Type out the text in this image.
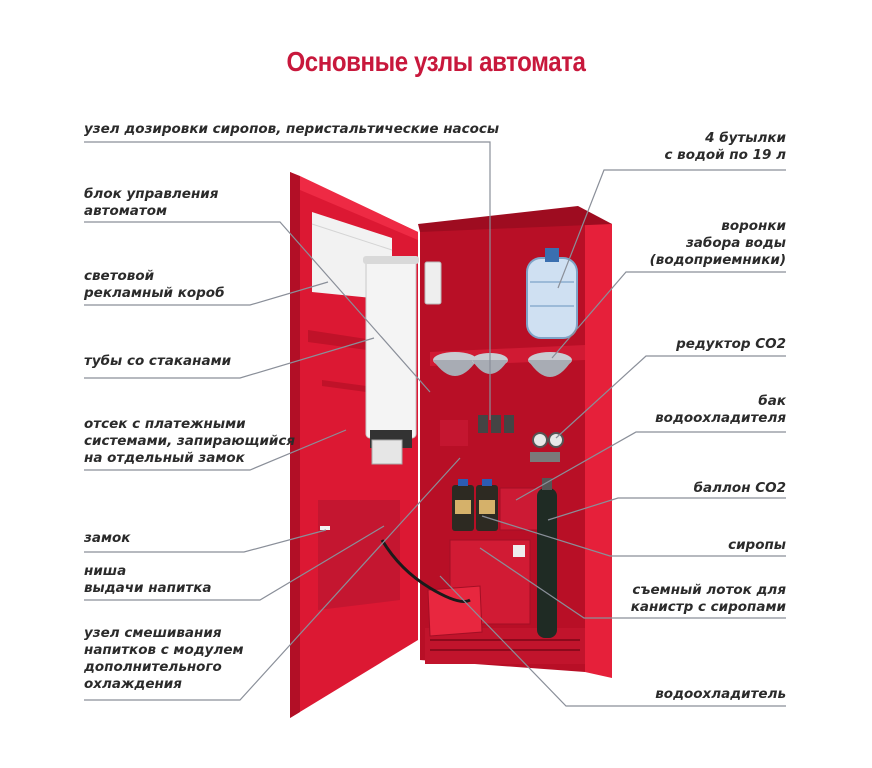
Основные узлы автомата
узел дозировки сиропов, перистальтические насосы
блок управления
автоматом
световой
рекламный короб
тубы со стаканами
отсек с платежными
системами, запирающийся
на отдельный замок
замок
ниша
выдачи напитка
узел смешивания
напитков с модулем
дополнительного
охлаждения
4 бутылки
с водой по 19 л
воронки
забора воды
(водоприемники)
редуктор СО2
бак
водоохладителя
баллон СО2
сиропы
съемный лоток для
канистр с сиропами
водоохладитель
